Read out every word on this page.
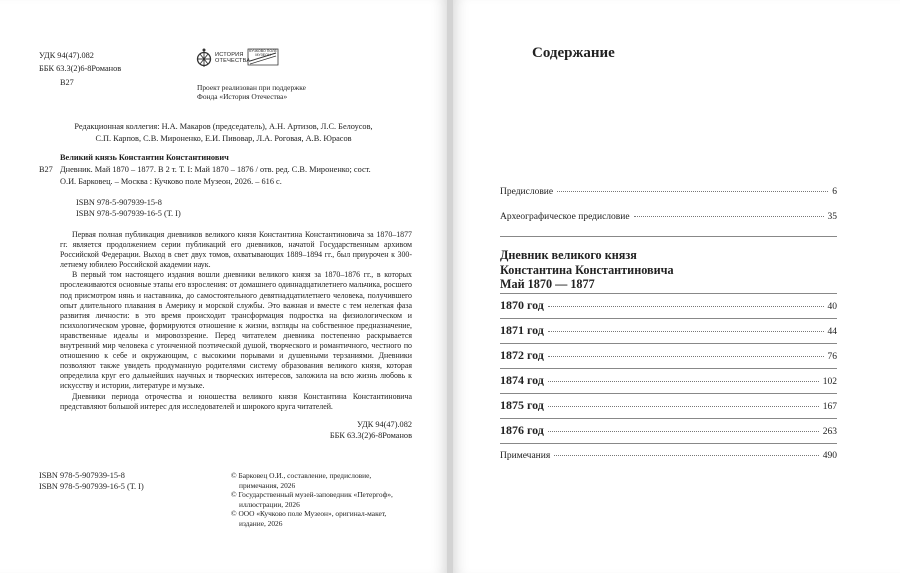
УДК 94(47).082
ББК 63.3(2)6-8Романов
В27
ИСТОРИЯ ОТЕЧЕСТВА
КУЧКОВО ПОЛЕ МУЗЕОН
Проект реализован при поддержке
Фонда «История Отечества»
Редакционная коллегия: Н.А. Макаров (председатель), А.Н. Артизов, Л.С. Белоусов,
С.П. Карпов, С.В. Мироненко, Е.И. Пивовар, Л.А. Роговая, А.В. Юрасов
Великий князь Константин Константинович
В27 Дневник. Май 1870 – 1877. В 2 т. Т. I: Май 1870 – 1876 / отв. ред. С.В. Мироненко; сост.
О.И. Барковец. – Москва : Кучково поле Музеон, 2026. – 616 с.
ISBN 978-5-907939-15-8
ISBN 978-5-907939-16-5 (Т. I)

Первая полная публикация дневников великого князя Константина Константиновича за 1870–1877 гг. является продолжением серии публикаций его дневников, начатой Государственным архивом Российской Федерации. Выход в свет двух томов, охватывающих 1889–1894 гг., был приурочен к 300-летнему юбилею Российской академии наук.

В первый том настоящего издания вошли дневники великого князя за 1870–1876 гг., в которых прослеживаются основные этапы его взросления: от домашнего одиннадцатилетнего мальчика, росшего под присмотром нянь и наставника, до самостоятельного девятнадцатилетнего человека, получившего опыт длительного плавания в Америку и морской службы. Это важная и вместе с тем нелегкая фаза развития личности: в это время происходит трансформация подростка на физиологическом и психологическом уровне, формируются отношение к жизни, взгляды на собственное предназначение, нравственные идеалы и мировоззрение. Перед читателем дневника постепенно раскрывается внутренний мир человека с утонченной поэтической душой, творческого и романтичного, честного по отношению к себе и окружающим, с высокими порывами и душевными терзаниями. Дневники позволяют также увидеть продуманную родителями систему образования великого князя, которая определила круг его дальнейших научных и творческих интересов, заложила на всю жизнь любовь к искусству и истории, литературе и музыке.

Дневники периода отрочества и юношества великого князя Константина Константиновича представляют большой интерес для исследователей и широкого круга читателей.

УДК 94(47).082
ББК 63.3(2)6-8Романов
ISBN 978-5-907939-15-8
ISBN 978-5-907939-16-5 (Т. I)
© Барковец О.И., составление, предисловие,
примечания, 2026
© Государственный музей-заповедник «Петергоф»,
иллюстрации, 2026
© ООО «Кучково поле Музеон», оригинал-макет,
издание, 2026
Содержание
Предисловие	6
Археографическое предисловие	35
Дневник великого князя
Константина Константиновича
Май 1870 — 1877
1870 год	40
1871 год	44
1872 год	76
1874 год	102
1875 год	167
1876 год	263
Примечания	490
